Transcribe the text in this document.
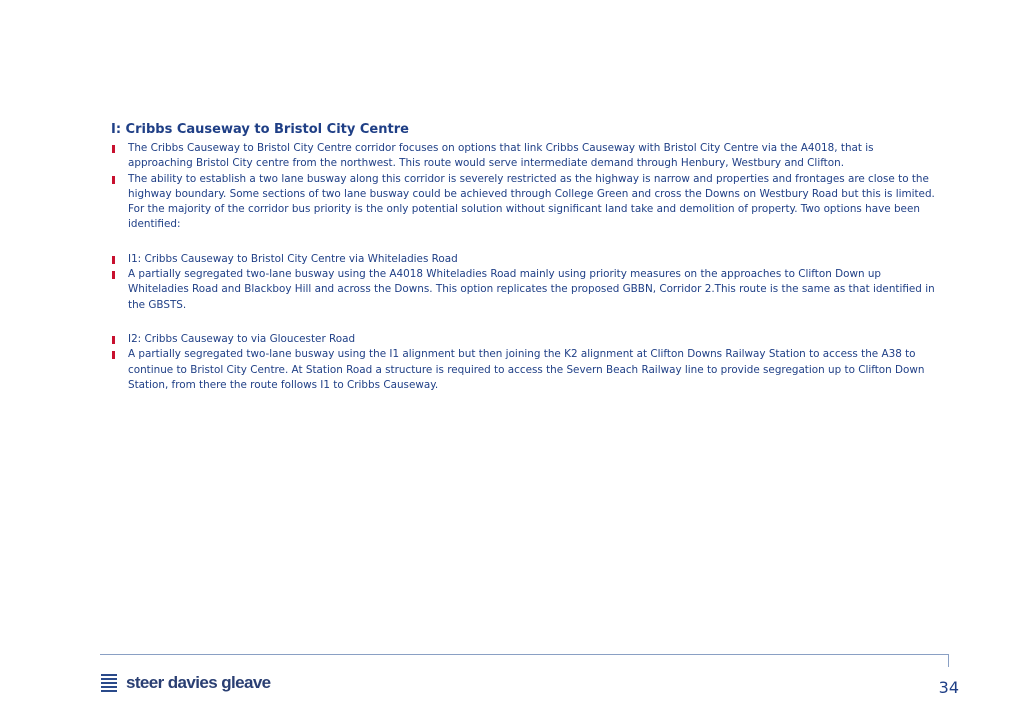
I: Cribbs Causeway to Bristol City Centre
The Cribbs Causeway to Bristol City Centre corridor focuses on options that link Cribbs Causeway with Bristol City Centre via the A4018, that is approaching Bristol City centre from the northwest. This route would serve intermediate demand through Henbury, Westbury and Clifton.
The ability to establish a two lane busway along this corridor is severely restricted as the highway is narrow and properties and frontages are close to the highway boundary. Some sections of two lane busway could be achieved through College Green and cross the Downs on Westbury Road but this is limited. For the majority of the corridor bus priority is the only potential solution without significant land take and demolition of property. Two options have been identified:
I1: Cribbs Causeway to Bristol City Centre via Whiteladies Road
A partially segregated two-lane busway using the A4018 Whiteladies Road mainly using priority measures on the approaches to Clifton Down up Whiteladies Road and Blackboy Hill and across the Downs. This option replicates the proposed GBBN, Corridor 2.This route is the same as that identified in the GBSTS.
I2: Cribbs Causeway to via Gloucester Road
A partially segregated two-lane busway using the I1 alignment but then joining the K2 alignment at Clifton Downs Railway Station to access the A38 to continue to Bristol City Centre. At Station Road a structure is required to access the Severn Beach Railway line to provide segregation up to Clifton Down Station, from there the route follows I1 to Cribbs Causeway.
steer davies gleave	34
